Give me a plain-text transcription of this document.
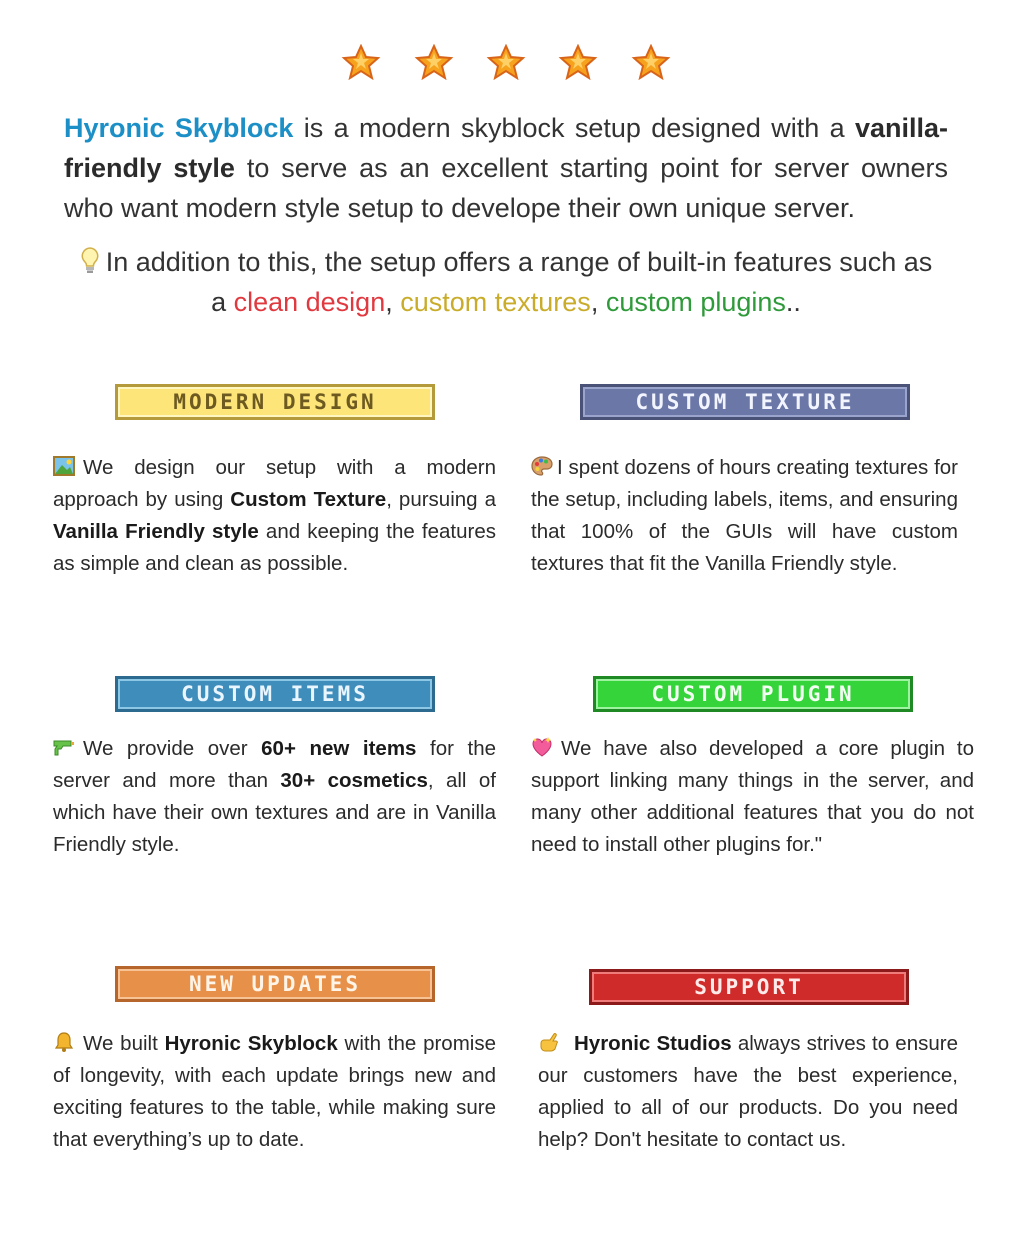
Hyronic Skyblock is a modern skyblock setup designed with a vanilla-friendly style to serve as an excellent starting point for server owners who want modern style setup to develope their own unique server.

In addition to this, the setup offers a range of built-in features such as a clean design, custom textures, custom plugins..

MODERN DESIGN

We design our setup with a modern approach by using Custom Texture, pursuing a Vanilla Friendly style and keeping the features as simple and clean as possible.

CUSTOM TEXTURE

I spent dozens of hours creating textures for the setup, including labels, items, and ensuring that 100% of the GUIs will have custom textures that fit the Vanilla Friendly style.

CUSTOM ITEMS

We provide over 60+ new items for the server and more than 30+ cosmetics, all of which have their own textures and are in Vanilla Friendly style.

CUSTOM PLUGIN

We have also developed a core plugin to support linking many things in the server, and many other additional features that you do not need to install other plugins for."

NEW UPDATES

We built Hyronic Skyblock with the promise of longevity, with each update brings new and exciting features to the table, while making sure that everything’s up to date.

SUPPORT

Hyronic Studios always strives to ensure our customers have the best experience, applied to all of our products. Do you need help? Don't hesitate to contact us.
